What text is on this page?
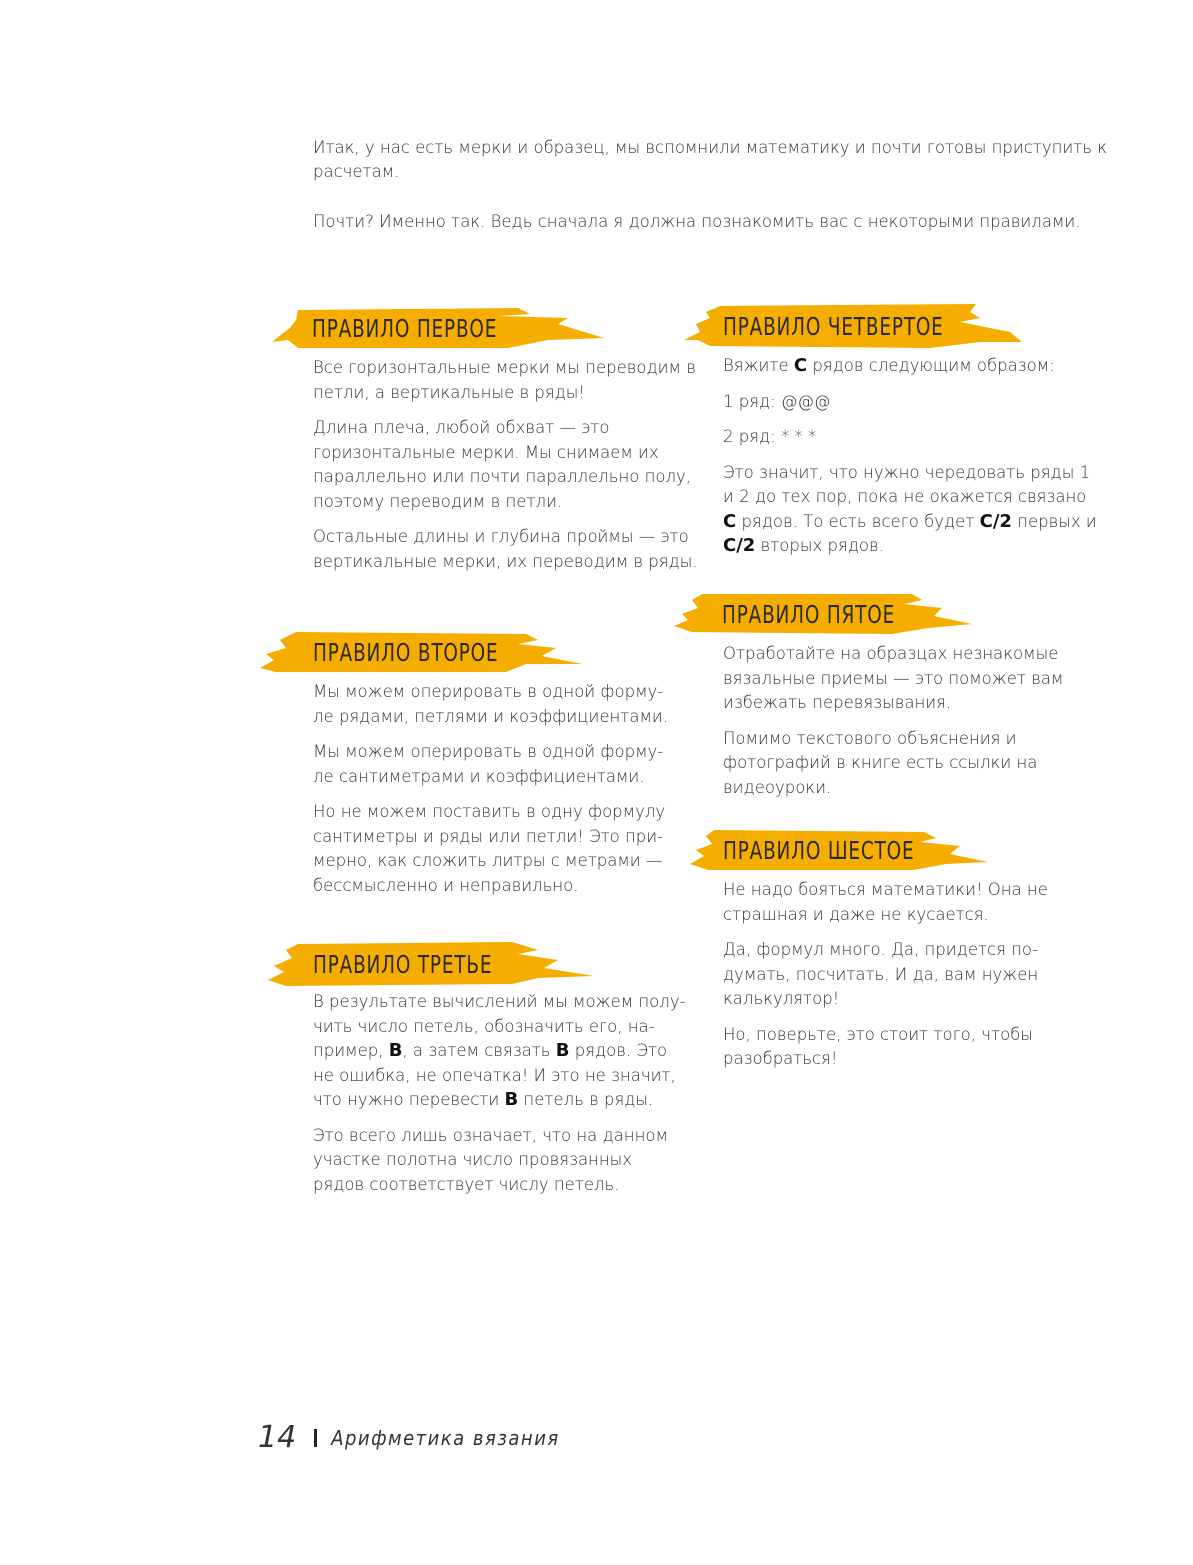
Итак, у нас есть мерки и образец, мы вспомнили математику и почти готовы приступить к расчетам.

Почти? Именно так. Ведь сначала я должна познакомить вас с некоторыми правилами.

ПРАВИЛО ПЕРВОЕ

Все горизонтальные мерки мы переводим в петли, а вертикальные в ряды!

Длина плеча, любой обхват — это горизонтальные мерки. Мы снимаем их параллельно или почти параллельно полу, поэтому переводим в петли.

Остальные длины и глубина проймы — это вертикальные мерки, их переводим в ряды.

ПРАВИЛО ВТОРОЕ

Мы можем оперировать в одной форму-ле рядами, петлями и коэффициентами.

Мы можем оперировать в одной форму-ле сантиметрами и коэффициентами.

Но не можем поставить в одну формулу сантиметры и ряды или петли! Это при-мерно, как сложить литры с метрами — бессмысленно и неправильно.

ПРАВИЛО ТРЕТЬЕ

В результате вычислений мы можем полу-чить число петель, обозначить его, на-пример, B, а затем связать B рядов. Это не ошибка, не опечатка! И это не значит, что нужно перевести B петель в ряды.

Это всего лишь означает, что на данном участке полотна число провязанных рядов соответствует числу петель.

ПРАВИЛО ЧЕТВЕРТОЕ

Вяжите C рядов следующим образом:

1 ряд: @@@

2 ряд: * * *

Это значит, что нужно чередовать ряды 1 и 2 до тех пор, пока не окажется связано C рядов. То есть всего будет C/2 первых и C/2 вторых рядов.

ПРАВИЛО ПЯТОЕ

Отработайте на образцах незнакомые вязальные приемы — это поможет вам избежать перевязывания.

Помимо текстового объяснения и фотографий в книге есть ссылки на видеоуроки.

ПРАВИЛО ШЕСТОЕ

Не надо бояться математики! Она не страшная и даже не кусается.

Да, формул много. Да, придется по-думать, посчитать. И да, вам нужен калькулятор!

Но, поверьте, это стоит того, чтобы разобраться!

14 Арифметика вязания
